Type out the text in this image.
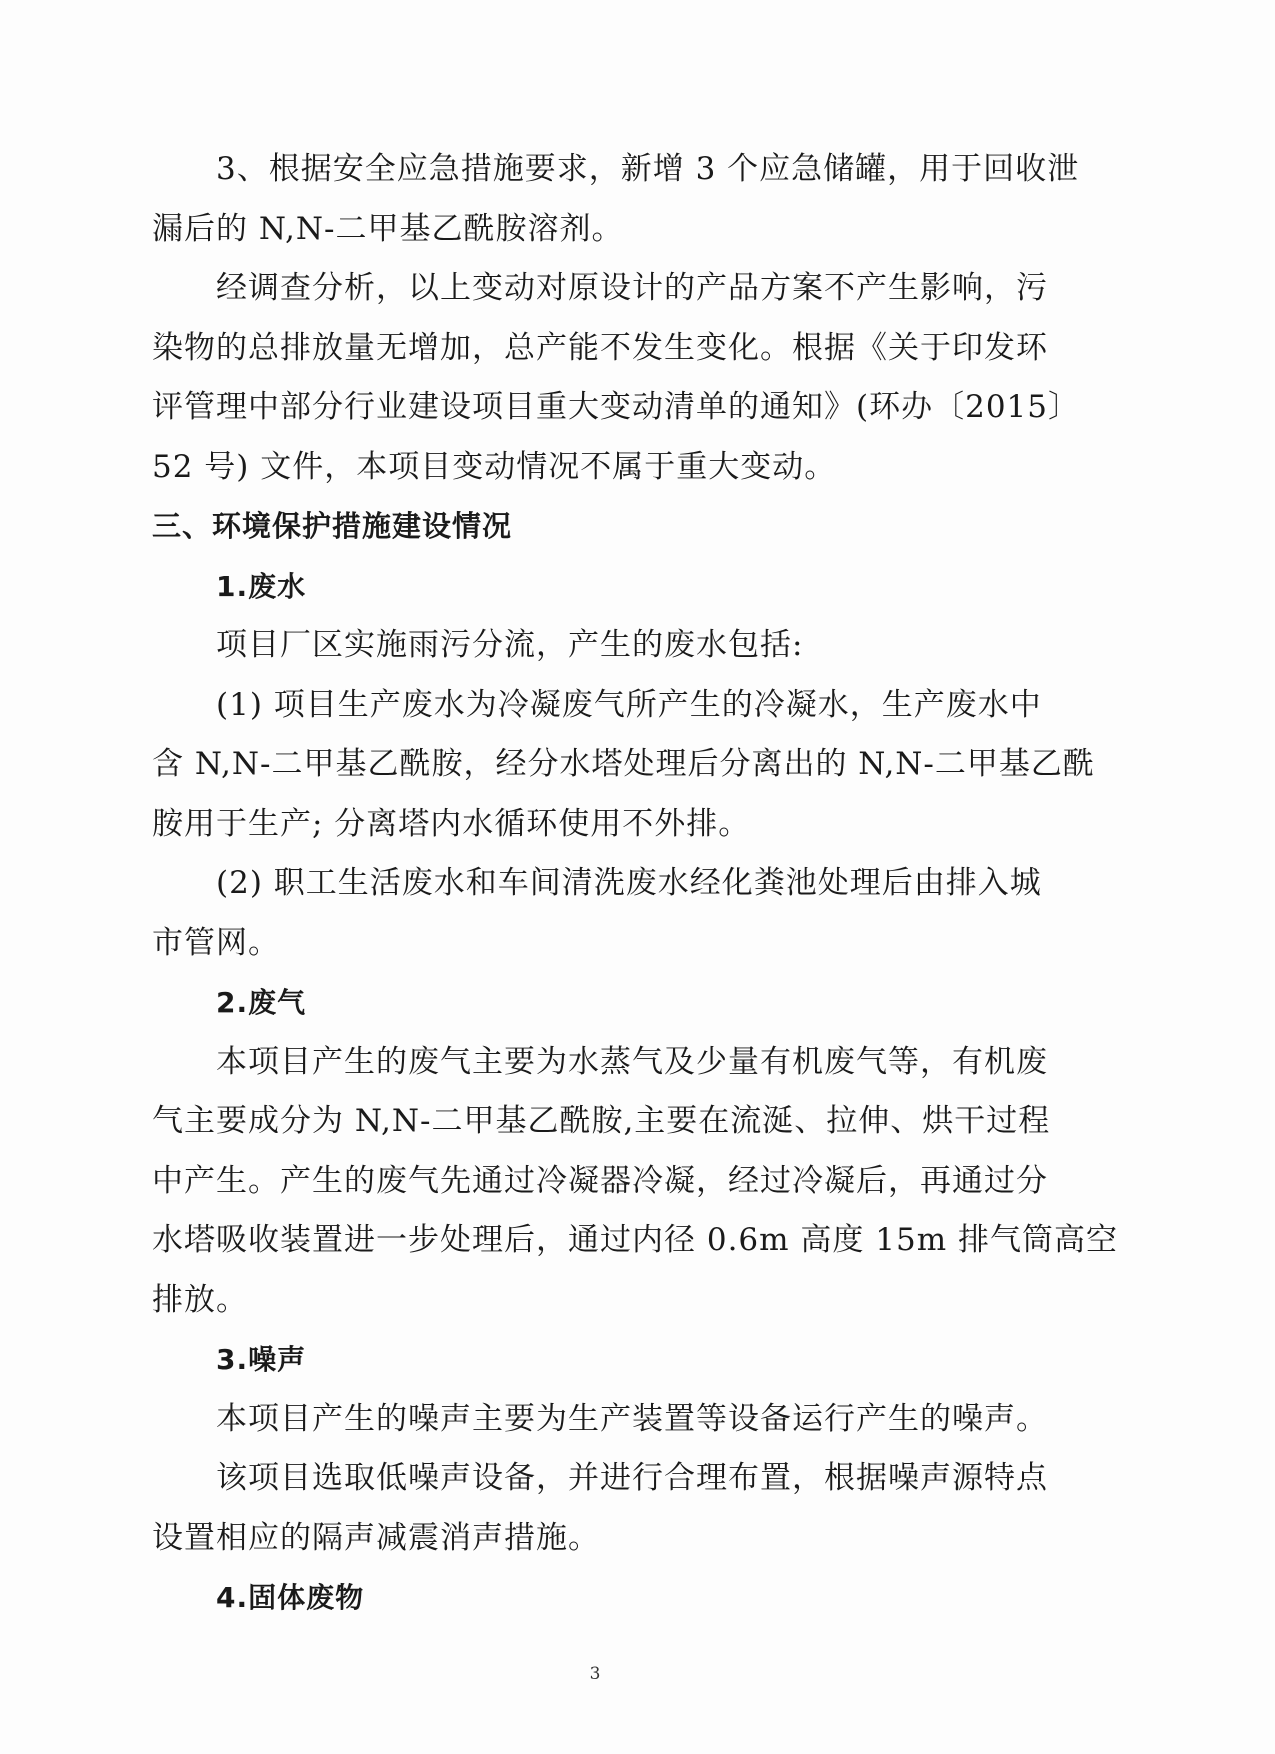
3、根据安全应急措施要求，新增 3 个应急储罐，用于回收泄
漏后的 N,N-二甲基乙酰胺溶剂。
经调查分析，以上变动对原设计的产品方案不产生影响，污
染物的总排放量无增加，总产能不发生变化。根据《关于印发环
评管理中部分行业建设项目重大变动清单的通知》(环办〔2015〕
52 号) 文件，本项目变动情况不属于重大变动。
三、环境保护措施建设情况
1.废水
项目厂区实施雨污分流，产生的废水包括:
(1) 项目生产废水为冷凝废气所产生的冷凝水，生产废水中
含 N,N-二甲基乙酰胺，经分水塔处理后分离出的 N,N-二甲基乙酰
胺用于生产; 分离塔内水循环使用不外排。
(2) 职工生活废水和车间清洗废水经化粪池处理后由排入城
市管网。
2.废气
本项目产生的废气主要为水蒸气及少量有机废气等，有机废
气主要成分为 N,N-二甲基乙酰胺,主要在流涎、拉伸、烘干过程
中产生。产生的废气先通过冷凝器冷凝，经过冷凝后，再通过分
水塔吸收装置进一步处理后，通过内径 0.6m 高度 15m 排气筒高空
排放。
3.噪声
本项目产生的噪声主要为生产装置等设备运行产生的噪声。
该项目选取低噪声设备，并进行合理布置，根据噪声源特点
设置相应的隔声减震消声措施。
4.固体废物
3
